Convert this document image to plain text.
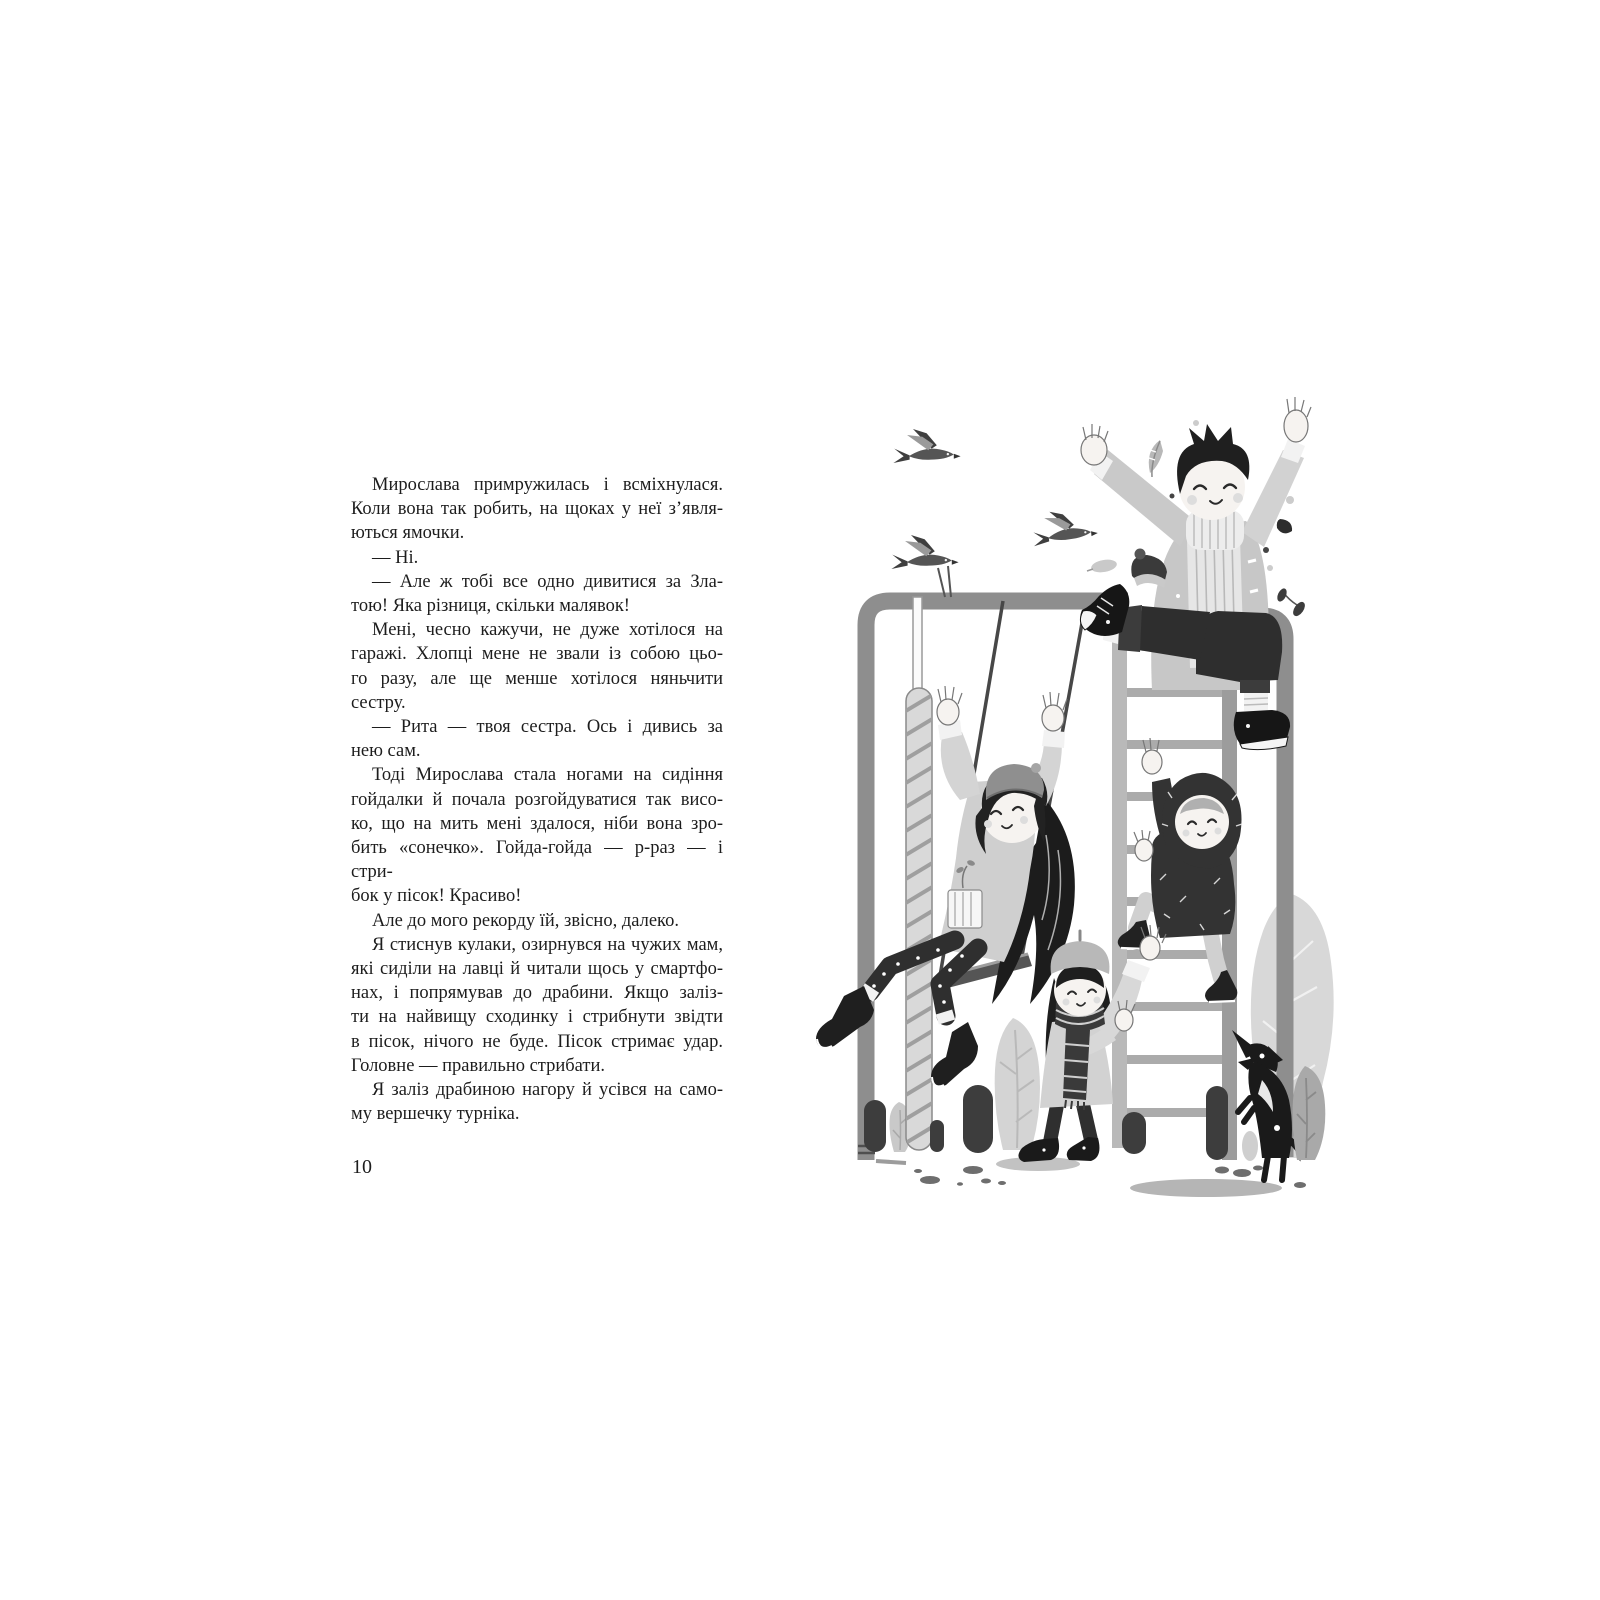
Мирослава примружилась і всміхнулася.
Коли вона так робить, на щоках у неї з’явля-
ються ямочки.
— Ні.
— Але ж тобі все одно дивитися за Зла-
тою! Яка різниця, скільки малявок!
Мені, чесно кажучи, не дуже хотілося на
гаражі. Хлопці мене не звали із собою цьо-
го разу, але ще менше хотілося няньчити
сестру.
— Рита — твоя сестра. Ось і дивись за
нею сам.
Тоді Мирослава стала ногами на сидіння
гойдалки й почала розгойдуватися так висо-
ко, що на мить мені здалося, ніби вона зро-
бить «сонечко». Гойда-гойда — р-раз — і стри-
бок у пісок! Красиво!
Але до мого рекорду їй, звісно, далеко.
Я стиснув кулаки, озирнувся на чужих мам,
які сиділи на лавці й читали щось у смартфо-
нах, і попрямував до драбини. Якщо заліз-
ти на найвищу сходинку і стрибнути звідти
в пісок, нічого не буде. Пісок стримає удар.
Головне — правильно стрибати.
Я заліз драбиною нагору й усівся на само-
му вершечку турніка.
10
